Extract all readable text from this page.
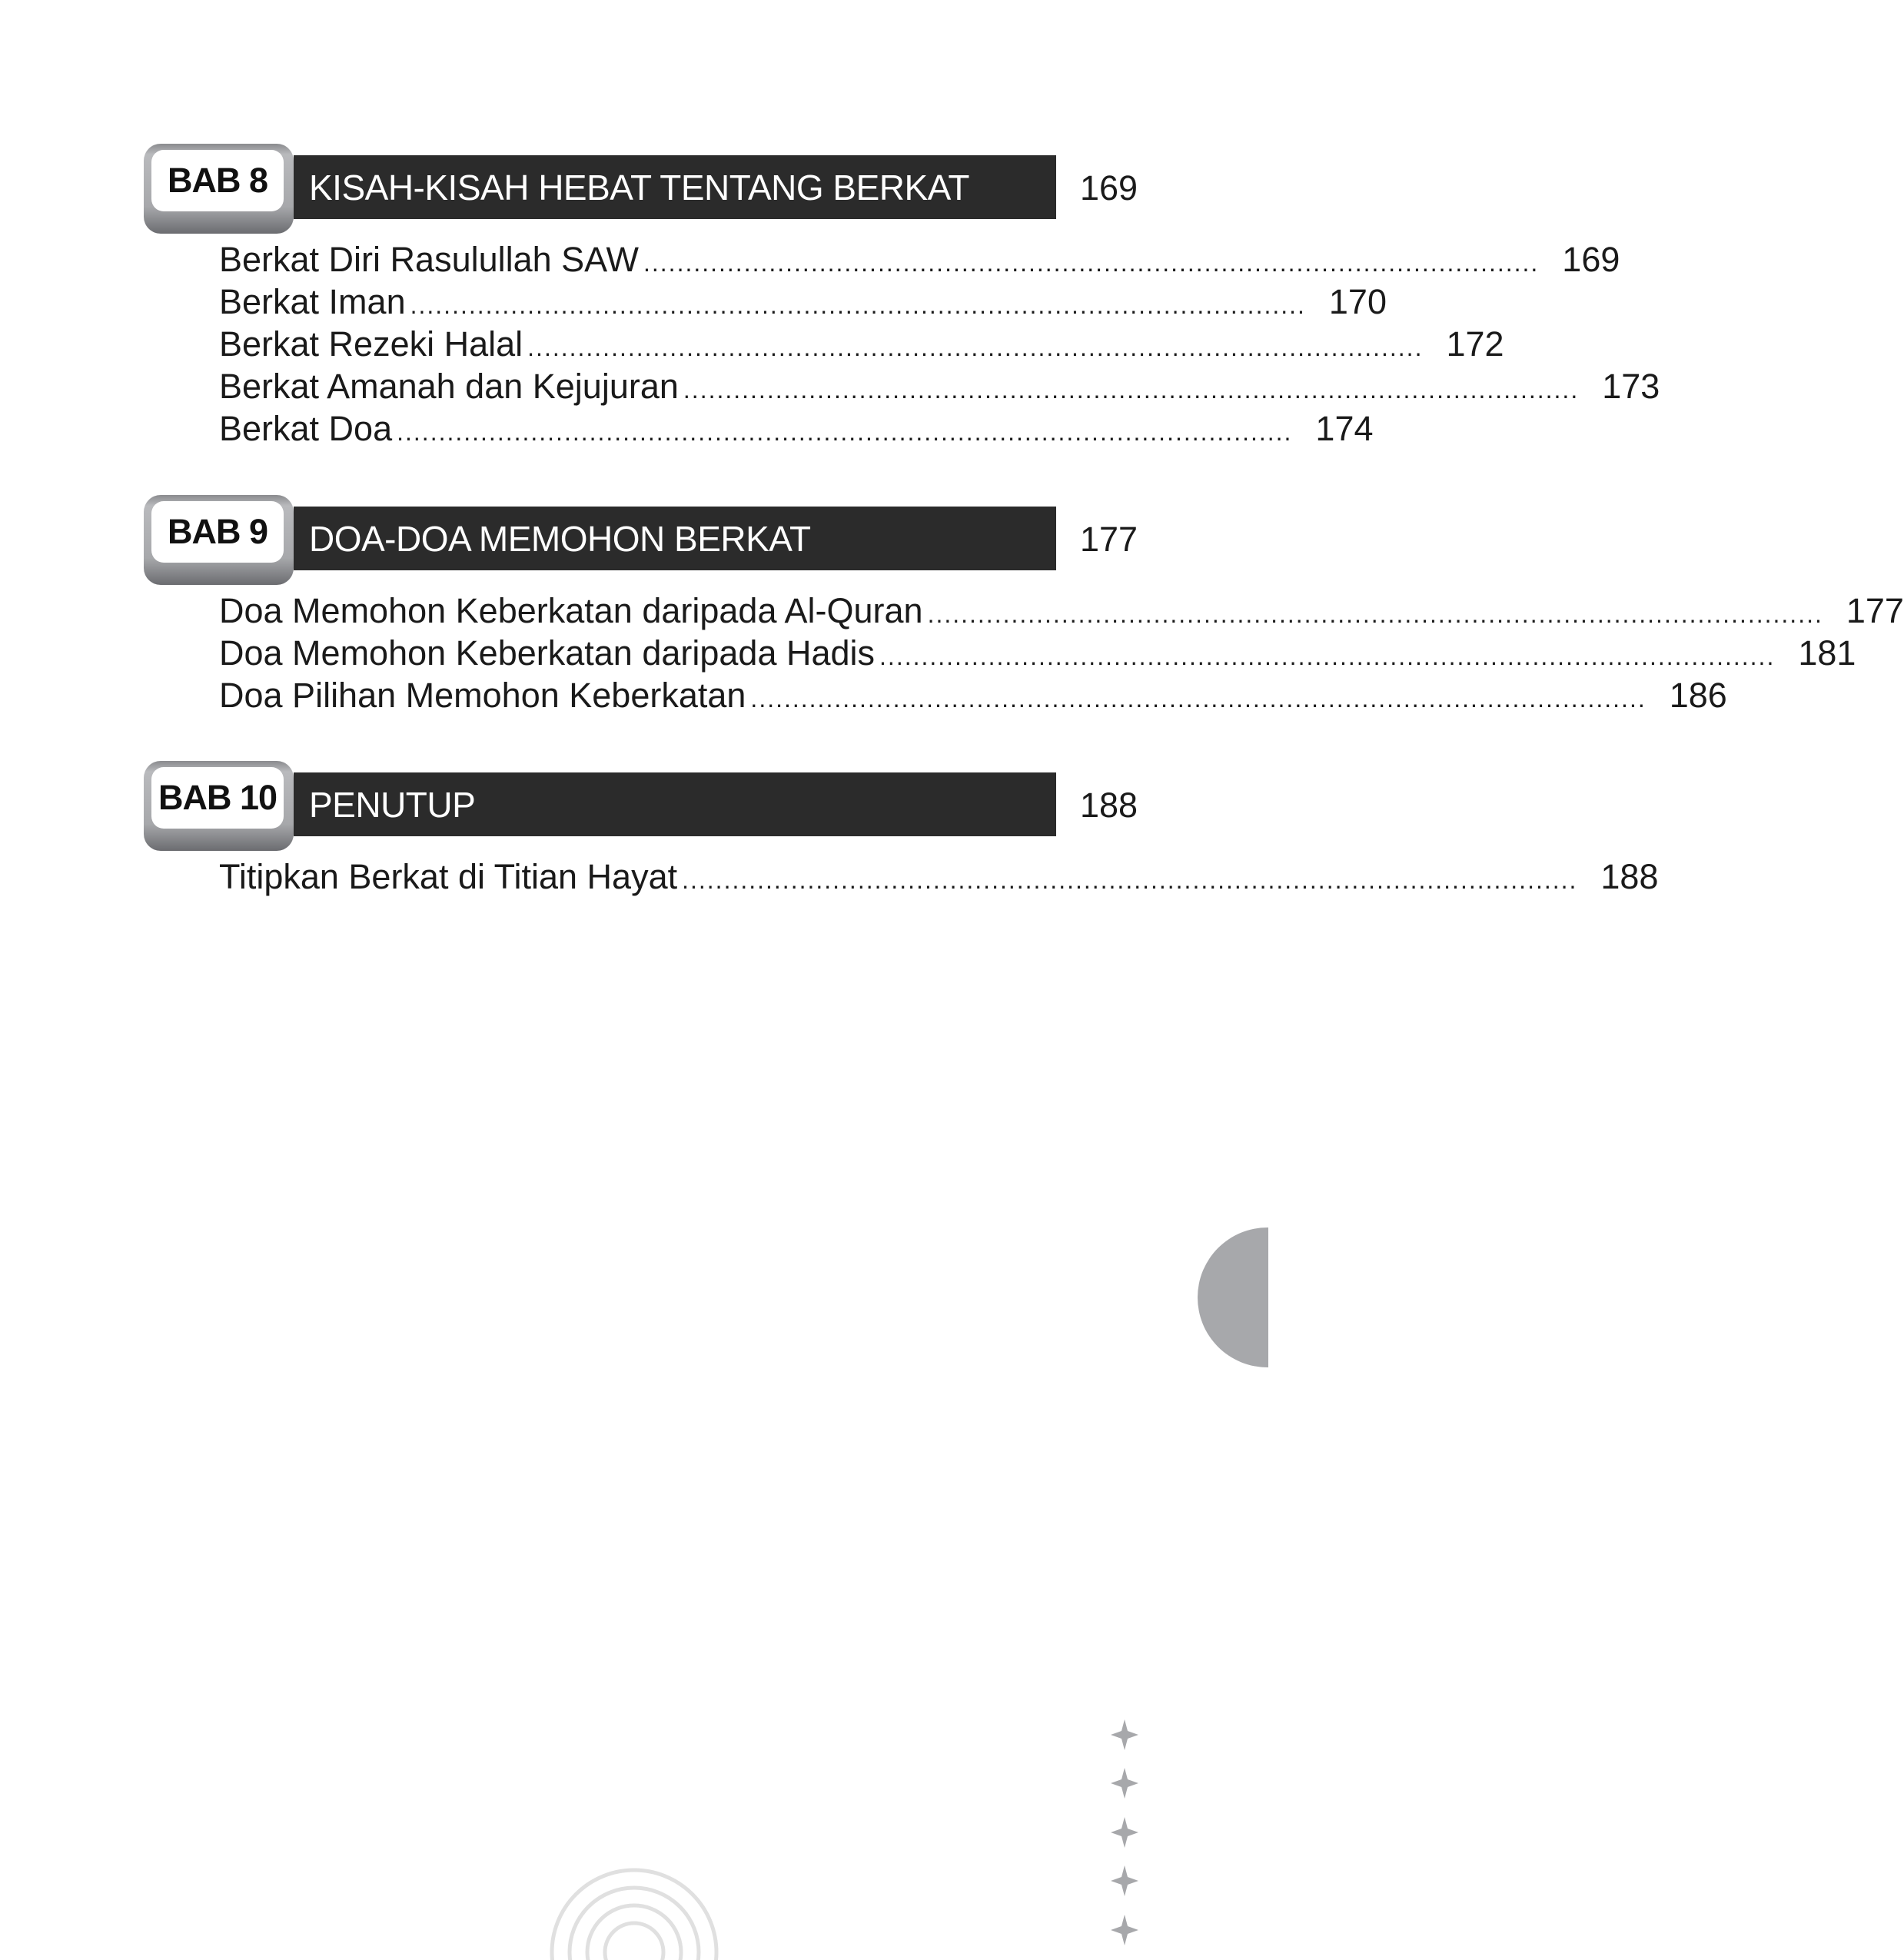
BAB 8	KISAH-KISAH HEBAT TENTANG BERKAT	169
Berkat Diri Rasulullah SAW ........................................................................................................... 169
Berkat Iman ........................................................................................................... 170
Berkat Rezeki Halal ........................................................................................................... 172
Berkat Amanah dan Kejujuran ........................................................................................................... 173
Berkat Doa ........................................................................................................... 174
BAB 9	DOA-DOA MEMOHON BERKAT	177
Doa Memohon Keberkatan daripada Al-Quran ........................................................................................................... 177
Doa Memohon Keberkatan daripada Hadis ........................................................................................................... 181
Doa Pilihan Memohon Keberkatan ........................................................................................................... 186
BAB 10 PENUTUP	188
Titipkan Berkat di Titian Hayat ........................................................................................................... 188
